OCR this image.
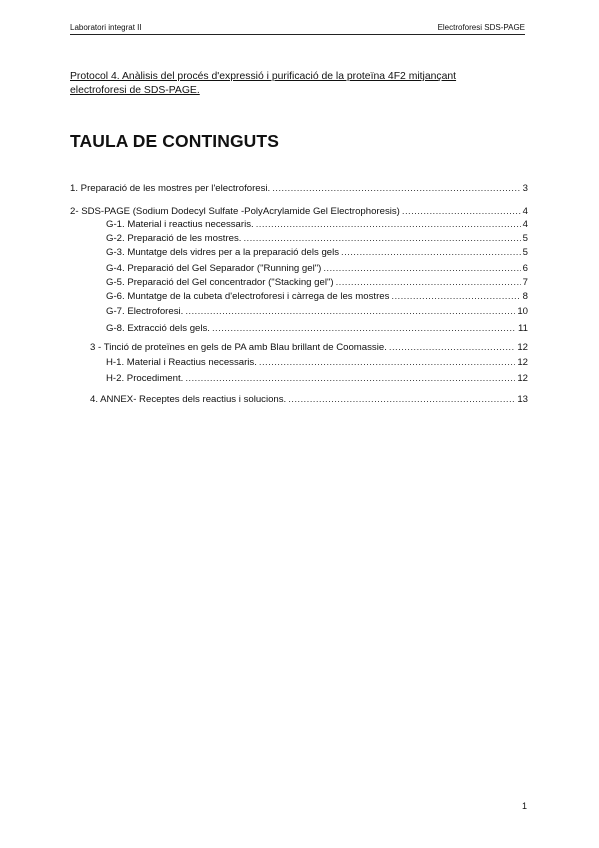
Laboratori integrat II	Electroforesi SDS-PAGE
Protocol 4. Anàlisis del procés d'expressió i purificació de la proteïna 4F2 mitjançant electroforesi de SDS-PAGE.
TAULA DE CONTINGUTS
1. Preparació de les mostres per l'electroforesi. .....	3
2- SDS-PAGE (Sodium Dodecyl Sulfate -PolyAcrylamide Gel Electrophoresis) .....	4
G-1. Material i reactius necessaris. .....	4
G-2. Preparació de les mostres. .....	5
G-3. Muntatge dels vidres per a la preparació dels gels .....	5
G-4. Preparació del Gel Separador ("Running gel") .....	6
G-5. Preparació del Gel concentrador ("Stacking gel") .....	7
G-6. Muntatge de la cubeta d'electroforesi i càrrega de les mostres .....	8
G-7. Electroforesi. .....	10
G-8. Extracció dels gels. .....	11
3 - Tinció de proteïnes en gels de PA amb Blau brillant de Coomassie. .....	12
H-1. Material i Reactius necessaris. .....	12
H-2. Procediment. .....	12
4. ANNEX- Receptes dels reactius i solucions. .....	13
1
